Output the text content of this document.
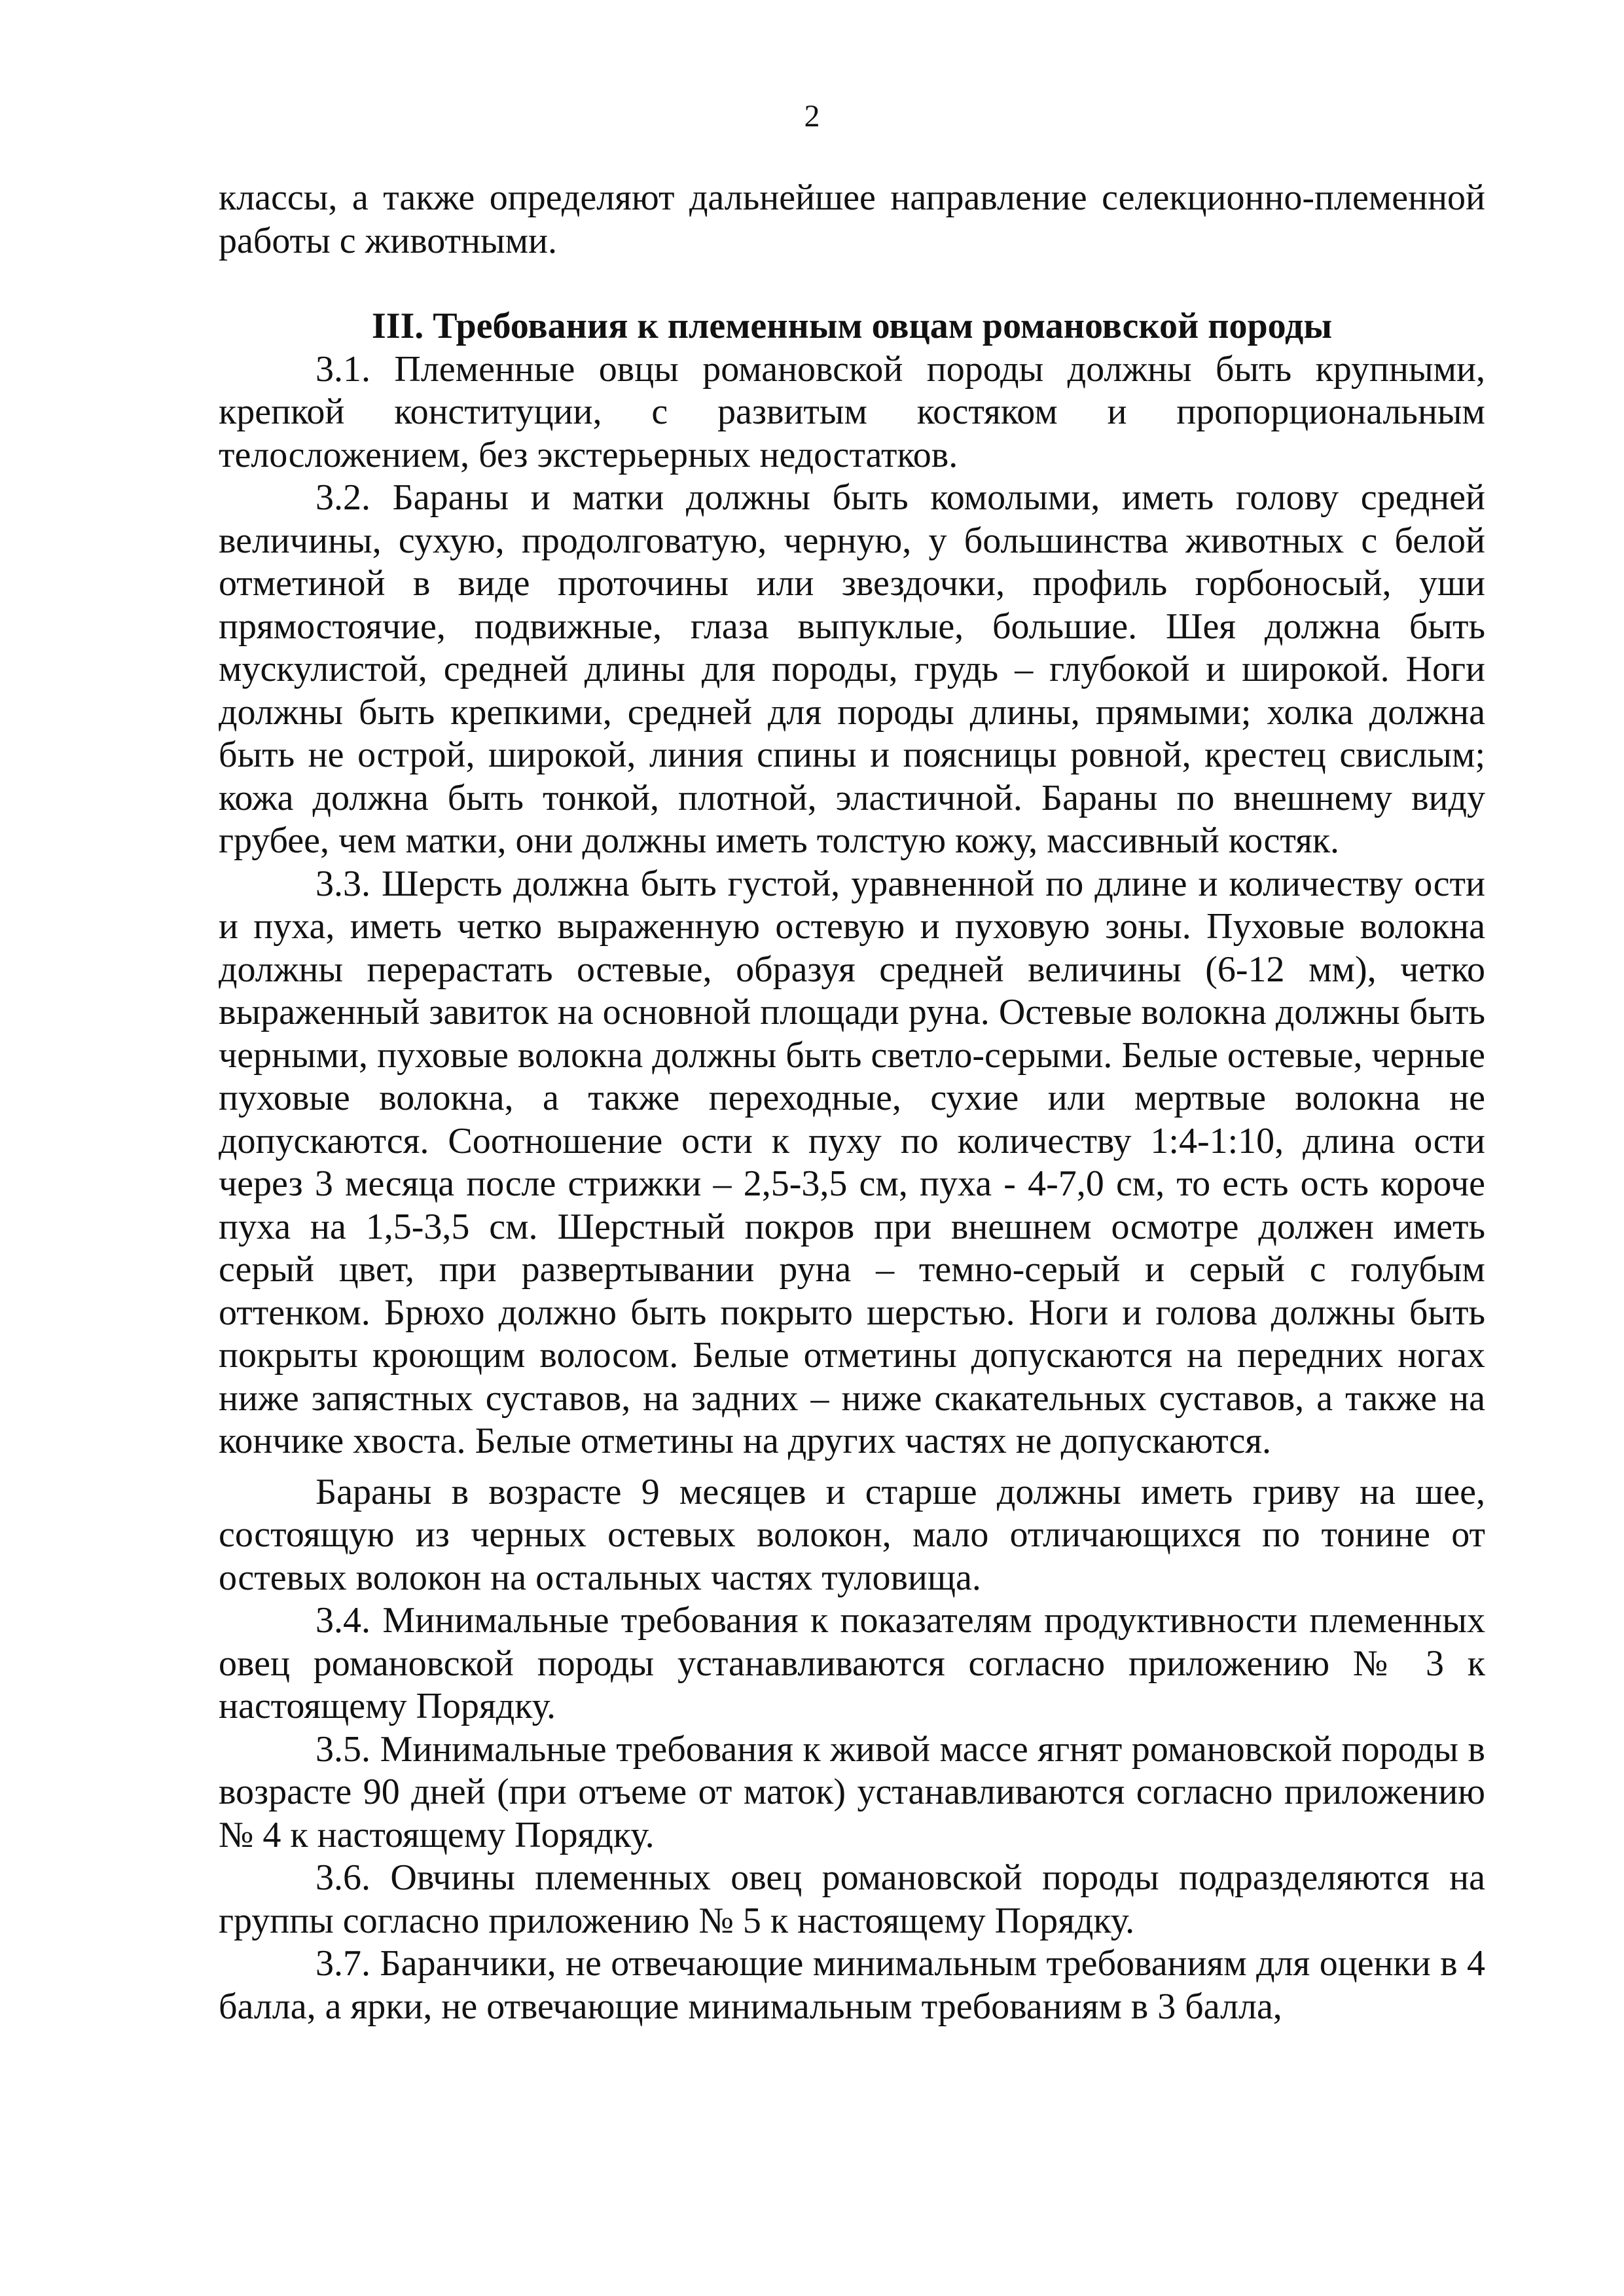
2

классы, а также определяют дальнейшее направление селекционно-племенной работы с животными.

III. Требования к племенным овцам романовской породы

3.1. Племенные овцы романовской породы должны быть крупными, крепкой конституции, с развитым костяком и пропорциональным телосложением, без экстерьерных недостатков.

3.2. Бараны и матки должны быть комолыми, иметь голову средней величины, сухую, продолговатую, черную, у большинства животных с белой отметиной в виде проточины или звездочки, профиль горбоносый, уши прямостоячие, подвижные, глаза выпуклые, большие. Шея должна быть мускулистой, средней длины для породы, грудь – глубокой и широкой. Ноги должны быть крепкими, средней для породы длины, прямыми; холка должна быть не острой, широкой, линия спины и поясницы ровной, крестец свислым; кожа должна быть тонкой, плотной, эластичной. Бараны по внешнему виду грубее, чем матки, они должны иметь толстую кожу, массивный костяк.

3.3. Шерсть должна быть густой, уравненной по длине и количеству ости и пуха, иметь четко выраженную остевую и пуховую зоны. Пуховые волокна должны перерастать остевые, образуя средней величины (6-12 мм), четко выраженный завиток на основной площади руна. Остевые волокна должны быть черными, пуховые волокна должны быть светло-серыми. Белые остевые, черные пуховые волокна, а также переходные, сухие или мертвые волокна не допускаются. Соотношение ости к пуху по количеству 1:4-1:10, длина ости через 3 месяца после стрижки – 2,5-3,5 см, пуха - 4-7,0 см, то есть ость короче пуха на 1,5-3,5 см. Шерстный покров при внешнем осмотре должен иметь серый цвет, при развертывании руна – темно-серый и серый с голубым оттенком. Брюхо должно быть покрыто шерстью. Ноги и голова должны быть покрыты кроющим волосом. Белые отметины допускаются на передних ногах ниже запястных суставов, на задних – ниже скакательных суставов, а также на кончике хвоста. Белые отметины на других частях не допускаются.

Бараны в возрасте 9 месяцев и старше должны иметь гриву на шее, состоящую из черных остевых волокон, мало отличающихся по тонине от остевых волокон на остальных частях туловища.

3.4. Минимальные требования к показателям продуктивности племенных овец романовской породы устанавливаются согласно приложению № 3 к настоящему Порядку.

3.5. Минимальные требования к живой массе ягнят романовской породы в возрасте 90 дней (при отъеме от маток) устанавливаются согласно приложению № 4 к настоящему Порядку.

3.6. Овчины племенных овец романовской породы подразделяются на группы согласно приложению № 5 к настоящему Порядку.

3.7. Баранчики, не отвечающие минимальным требованиям для оценки в 4 балла, а ярки, не отвечающие минимальным требованиям в 3 балла,
